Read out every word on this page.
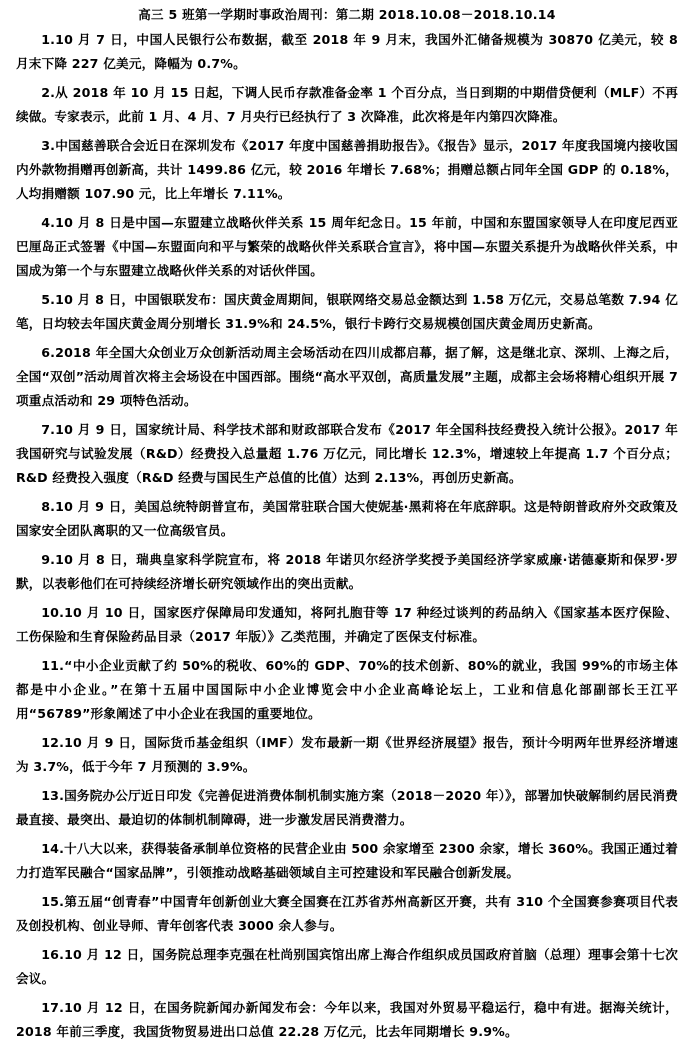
高三 5 班第一学期时事政治周刊：第二期 2018.10.08－2018.10.14

1.10 月 7 日，中国人民银行公布数据，截至 2018 年 9 月末，我国外汇储备规模为 30870 亿美元，较 8 月末下降 227 亿美元，降幅为 0.7%。

2.从 2018 年 10 月 15 日起，下调人民币存款准备金率 1 个百分点，当日到期的中期借贷便利（MLF）不再续做。专家表示，此前 1 月、4 月、7 月央行已经执行了 3 次降准，此次将是年内第四次降准。

3.中国慈善联合会近日在深圳发布《2017 年度中国慈善捐助报告》。《报告》显示，2017 年度我国境内接收国内外款物捐赠再创新高，共计 1499.86 亿元，较 2016 年增长 7.68%；捐赠总额占同年全国 GDP 的 0.18%，人均捐赠额 107.90 元，比上年增长 7.11%。

4.10 月 8 日是中国—东盟建立战略伙伴关系 15 周年纪念日。15 年前，中国和东盟国家领导人在印度尼西亚巴厘岛正式签署《中国—东盟面向和平与繁荣的战略伙伴关系联合宣言》，将中国—东盟关系提升为战略伙伴关系，中国成为第一个与东盟建立战略伙伴关系的对话伙伴国。

5.10 月 8 日，中国银联发布：国庆黄金周期间，银联网络交易总金额达到 1.58 万亿元，交易总笔数 7.94 亿笔，日均较去年国庆黄金周分别增长 31.9%和 24.5%，银行卡跨行交易规模创国庆黄金周历史新高。

6.2018 年全国大众创业万众创新活动周主会场活动在四川成都启幕，据了解，这是继北京、深圳、上海之后，全国“双创”活动周首次将主会场设在中国西部。围绕“高水平双创，高质量发展”主题，成都主会场将精心组织开展 7 项重点活动和 29 项特色活动。

7.10 月 9 日，国家统计局、科学技术部和财政部联合发布《2017 年全国科技经费投入统计公报》。2017 年我国研究与试验发展（R&D）经费投入总量超 1.76 万亿元，同比增长 12.3%，增速较上年提高 1.7 个百分点；R&D 经费投入强度（R&D 经费与国民生产总值的比值）达到 2.13%，再创历史新高。

8.10 月 9 日，美国总统特朗普宣布，美国常驻联合国大使妮基·黑莉将在年底辞职。这是特朗普政府外交政策及国家安全团队离职的又一位高级官员。

9.10 月 8 日，瑞典皇家科学院宣布，将 2018 年诺贝尔经济学奖授予美国经济学家威廉·诺德豪斯和保罗·罗默，以表彰他们在可持续经济增长研究领域作出的突出贡献。

10.10 月 10 日，国家医疗保障局印发通知，将阿扎胞苷等 17 种经过谈判的药品纳入《国家基本医疗保险、工伤保险和生育保险药品目录（2017 年版）》乙类范围，并确定了医保支付标准。

11.“中小企业贡献了约 50%的税收、60%的 GDP、70%的技术创新、80%的就业，我国 99%的市场主体都是中小企业。”在第十五届中国国际中小企业博览会中小企业高峰论坛上，工业和信息化部副部长王江平用“56789”形象阐述了中小企业在我国的重要地位。

12.10 月 9 日，国际货币基金组织（IMF）发布最新一期《世界经济展望》报告，预计今明两年世界经济增速为 3.7%，低于今年 7 月预测的 3.9%。

13.国务院办公厅近日印发《完善促进消费体制机制实施方案（2018－2020 年）》，部署加快破解制约居民消费最直接、最突出、最迫切的体制机制障碍，进一步激发居民消费潜力。

14.十八大以来，获得装备承制单位资格的民营企业由 500 余家增至 2300 余家，增长 360%。我国正通过着力打造军民融合“国家品牌”，引领推动战略基础领域自主可控建设和军民融合创新发展。

15.第五届“创青春”中国青年创新创业大赛全国赛在江苏省苏州高新区开赛，共有 310 个全国赛参赛项目代表及创投机构、创业导师、青年创客代表 3000 余人参与。

16.10 月 12 日，国务院总理李克强在杜尚别国宾馆出席上海合作组织成员国政府首脑（总理）理事会第十七次会议。

17.10 月 12 日，在国务院新闻办新闻发布会：今年以来，我国对外贸易平稳运行，稳中有进。据海关统计，2018 年前三季度，我国货物贸易进出口总值 22.28 万亿元，比去年同期增长 9.9%。
